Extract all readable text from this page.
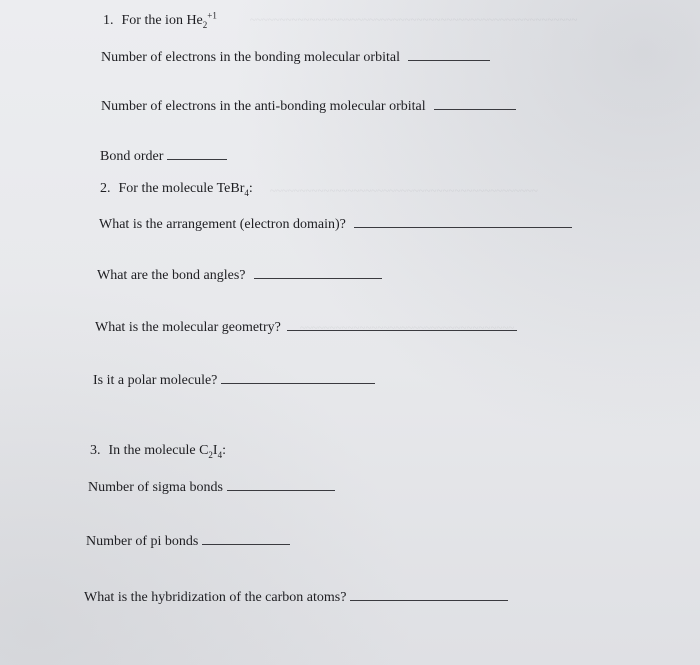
~~~~~~~~~~~~~~~~~~~~~~~~~~~~~~~~~~~~~~~~~~~~~~~~~~~~~~~
~~~~~~~~~~~~~~~~~~~~~~~~~~~~~~~~~~~~~~~~~~~~~
~~~~~~~~~~~~~~~~~~~~~~~~~~~~~~~~~~~~
1. For the ion $He_2^{+1}$
Number of electrons in the bonding molecular orbital
Number of electrons in the anti-bonding molecular orbital
Bond order
2. For the molecule TeBr$_4$:
What is the arrangement (electron domain)?
What are the bond angles?
What is the molecular geometry?
Is it a polar molecule?
3. In the molecule $C_2I_4$:
Number of sigma bonds
Number of pi bonds
What is the hybridization of the carbon atoms?
